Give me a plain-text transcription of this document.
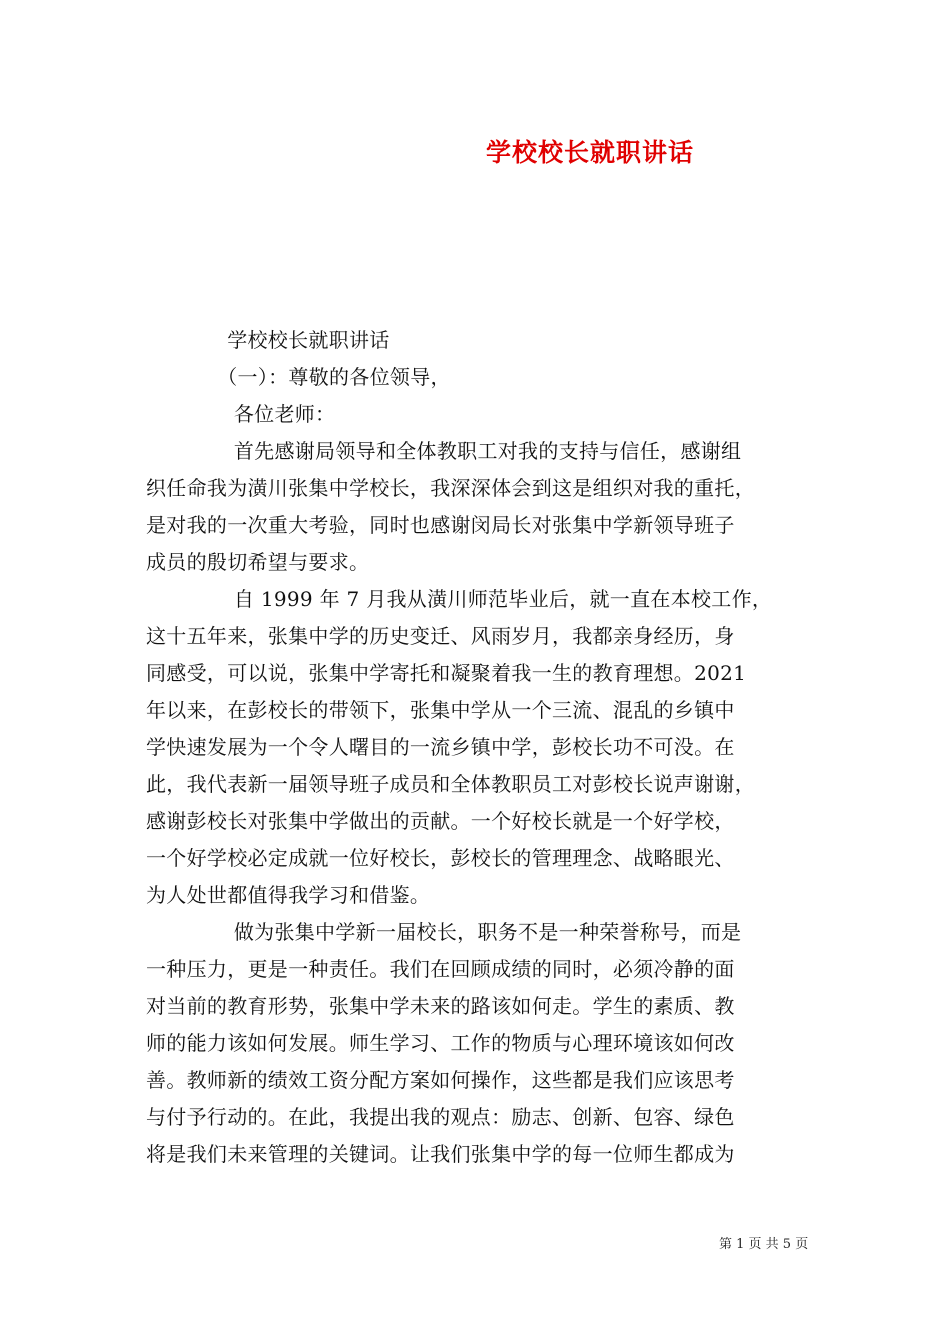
学校校长就职讲话
　　　　学校校长就职讲话
　　　　（一）：尊敬的各位领导，
　　　　 各位老师：
　　　　 首先感谢局领导和全体教职工对我的支持与信任，感谢组
织任命我为潢川张集中学校长，我深深体会到这是组织对我的重托，
是对我的一次重大考验，同时也感谢闵局长对张集中学新领导班子
成员的殷切希望与要求。
　　　　 自 1999 年 7 月我从潢川师范毕业后，就一直在本校工作，
这十五年来，张集中学的历史变迁、风雨岁月，我都亲身经历，身
同感受，可以说，张集中学寄托和凝聚着我一生的教育理想。2021
年以来，在彭校长的带领下，张集中学从一个三流、混乱的乡镇中
学快速发展为一个令人曙目的一流乡镇中学，彭校长功不可没。在
此，我代表新一届领导班子成员和全体教职员工对彭校长说声谢谢，
感谢彭校长对张集中学做出的贡献。一个好校长就是一个好学校，
一个好学校必定成就一位好校长，彭校长的管理理念、战略眼光、
为人处世都值得我学习和借鉴。
　　　　 做为张集中学新一届校长，职务不是一种荣誉称号，而是
一种压力，更是一种责任。我们在回顾成绩的同时，必须冷静的面
对当前的教育形势，张集中学未来的路该如何走。学生的素质、教
师的能力该如何发展。师生学习、工作的物质与心理环境该如何改
善。教师新的绩效工资分配方案如何操作，这些都是我们应该思考
与付予行动的。在此，我提出我的观点：励志、创新、包容、绿色
将是我们未来管理的关键词。让我们张集中学的每一位师生都成为
第 1 页 共 5 页
